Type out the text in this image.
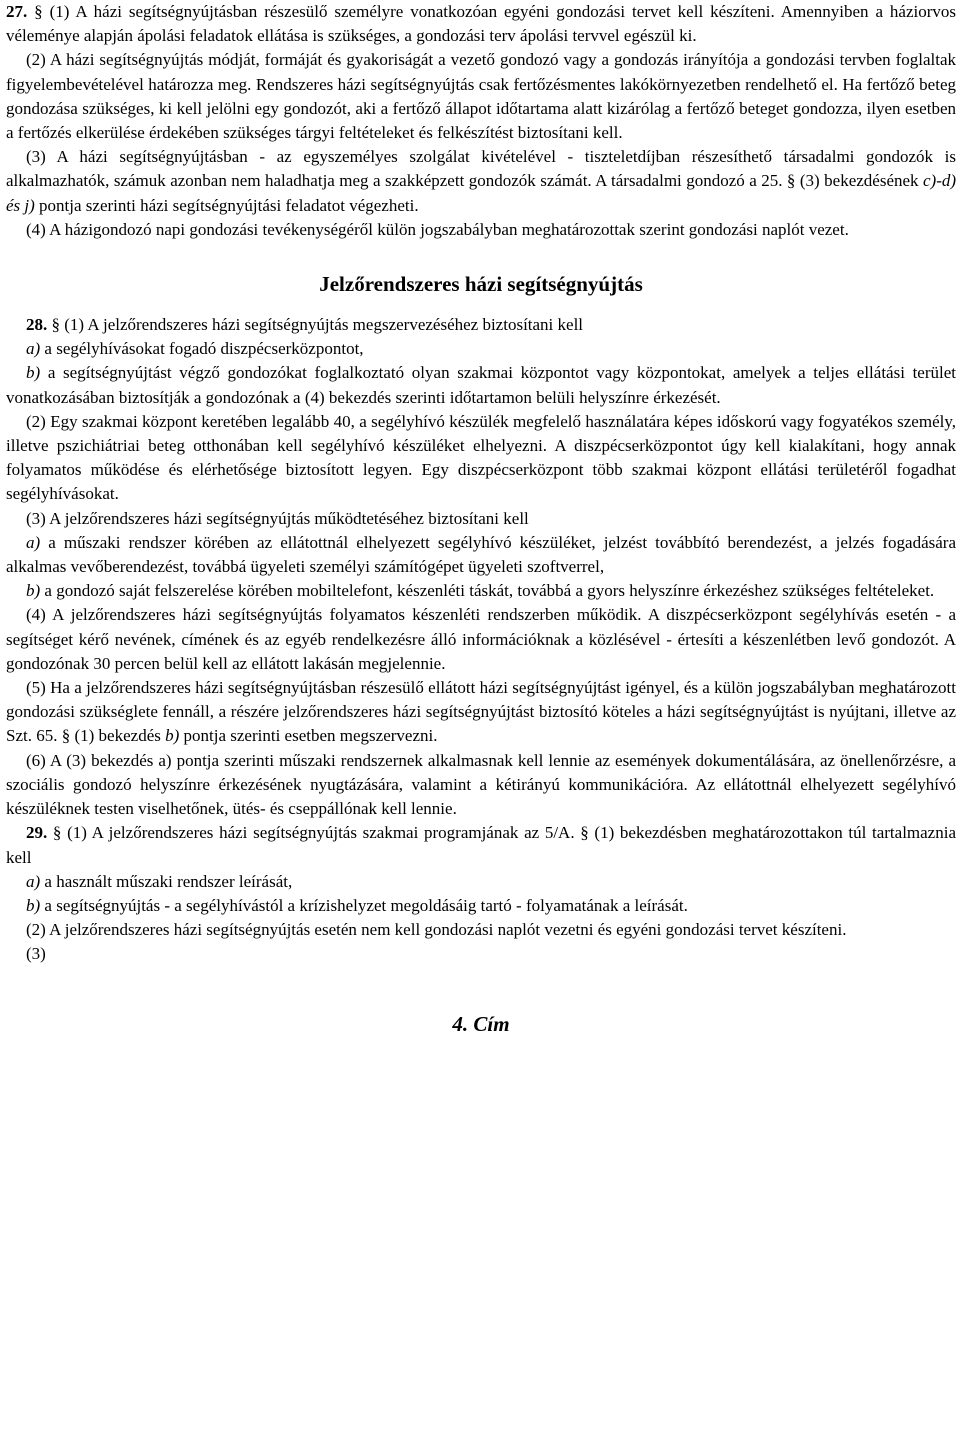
27. § (1) A házi segítségnyújtásban részesülő személyre vonatkozóan egyéni gondozási tervet kell készíteni. Amennyiben a háziorvos véleménye alapján ápolási feladatok ellátása is szükséges, a gondozási terv ápolási tervvel egészül ki.

(2) A házi segítségnyújtás módját, formáját és gyakoriságát a vezető gondozó vagy a gondozás irányítója a gondozási tervben foglaltak figyelembevételével határozza meg. Rendszeres házi segítségnyújtás csak fertőzésmentes lakókörnyezetben rendelhető el. Ha fertőző beteg gondozása szükséges, ki kell jelölni egy gondozót, aki a fertőző állapot időtartama alatt kizárólag a fertőző beteget gondozza, ilyen esetben a fertőzés elkerülése érdekében szükséges tárgyi feltételeket és felkészítést biztosítani kell.

(3) A házi segítségnyújtásban - az egyszemélyes szolgálat kivételével - tiszteletdíjban részesíthető társadalmi gondozók is alkalmazhatók, számuk azonban nem haladhatja meg a szakképzett gondozók számát. A társadalmi gondozó a 25. § (3) bekezdésének c)-d) és j) pontja szerinti házi segítségnyújtási feladatot végezheti.

(4) A házigondozó napi gondozási tevékenységéről külön jogszabályban meghatározottak szerint gondozási naplót vezet.

Jelzőrendszeres házi segítségnyújtás

28. § (1) A jelzőrendszeres házi segítségnyújtás megszervezéséhez biztosítani kell

a) a segélyhívásokat fogadó diszpécserközpontot,

b) a segítségnyújtást végző gondozókat foglalkoztató olyan szakmai központot vagy központokat, amelyek a teljes ellátási terület vonatkozásában biztosítják a gondozónak a (4) bekezdés szerinti időtartamon belüli helyszínre érkezését.

(2) Egy szakmai központ keretében legalább 40, a segélyhívó készülék megfelelő használatára képes időskorú vagy fogyatékos személy, illetve pszichiátriai beteg otthonában kell segélyhívó készüléket elhelyezni. A diszpécserközpontot úgy kell kialakítani, hogy annak folyamatos működése és elérhetősége biztosított legyen. Egy diszpécserközpont több szakmai központ ellátási területéről fogadhat segélyhívásokat.

(3) A jelzőrendszeres házi segítségnyújtás működtetéséhez biztosítani kell

a) a műszaki rendszer körében az ellátottnál elhelyezett segélyhívó készüléket, jelzést továbbító berendezést, a jelzés fogadására alkalmas vevőberendezést, továbbá ügyeleti személyi számítógépet ügyeleti szoftverrel,

b) a gondozó saját felszerelése körében mobiltelefont, készenléti táskát, továbbá a gyors helyszínre érkezéshez szükséges feltételeket.

(4) A jelzőrendszeres házi segítségnyújtás folyamatos készenléti rendszerben működik. A diszpécserközpont segélyhívás esetén - a segítséget kérő nevének, címének és az egyéb rendelkezésre álló információknak a közlésével - értesíti a készenlétben levő gondozót. A gondozónak 30 percen belül kell az ellátott lakásán megjelennie.

(5) Ha a jelzőrendszeres házi segítségnyújtásban részesülő ellátott házi segítségnyújtást igényel, és a külön jogszabályban meghatározott gondozási szükséglete fennáll, a részére jelzőrendszeres házi segítségnyújtást biztosító köteles a házi segítségnyújtást is nyújtani, illetve az Szt. 65. § (1) bekezdés b) pontja szerinti esetben megszervezni.

(6) A (3) bekezdés a) pontja szerinti műszaki rendszernek alkalmasnak kell lennie az események dokumentálására, az önellenőrzésre, a szociális gondozó helyszínre érkezésének nyugtázására, valamint a kétirányú kommunikációra. Az ellátottnál elhelyezett segélyhívó készüléknek testen viselhetőnek, ütés- és cseppállónak kell lennie.

29. § (1) A jelzőrendszeres házi segítségnyújtás szakmai programjának az 5/A. § (1) bekezdésben meghatározottakon túl tartalmaznia kell

a) a használt műszaki rendszer leírását,

b) a segítségnyújtás - a segélyhívástól a krízishelyzet megoldásáig tartó - folyamatának a leírását.

(2) A jelzőrendszeres házi segítségnyújtás esetén nem kell gondozási naplót vezetni és egyéni gondozási tervet készíteni.

(3)

4. Cím
